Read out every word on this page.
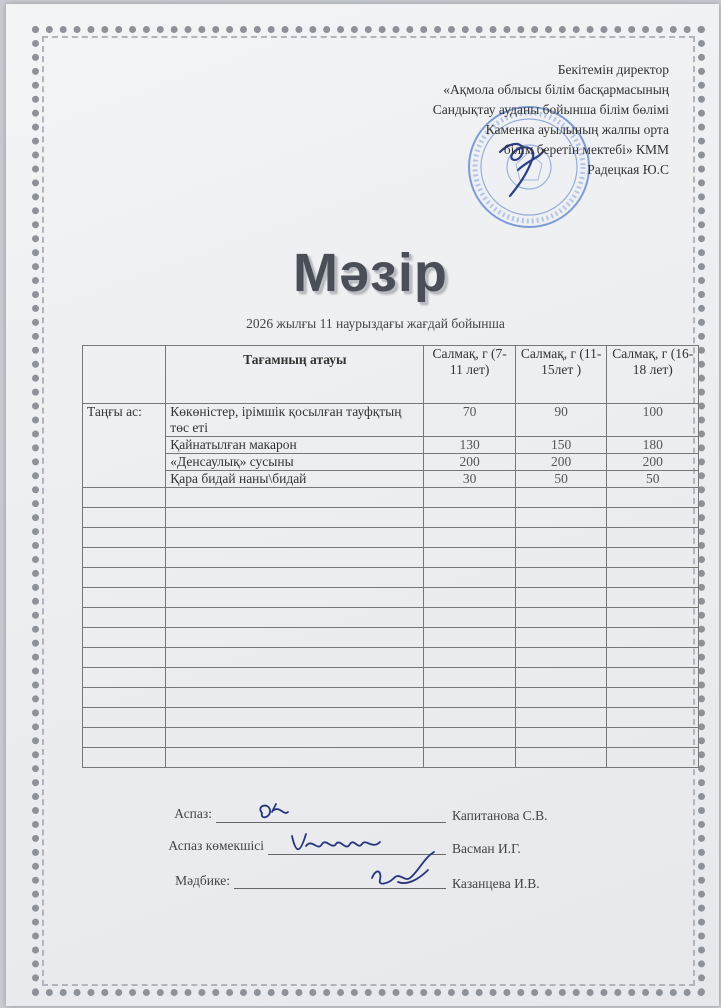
Бекітемін директор
«Ақмола облысы білім басқармасының
Сандықтау ауданы бойынша білім бөлімі
Каменка ауылының жалпы орта
білім беретін мектебі» КММ
Радецкая Ю.С
Мәзір
2026 жылғы 11 наурыздағы жағдай бойынша
	Тағамның атауы	Салмақ, г (7-11 лет)	Салмақ, г (11-15лет )	Салмақ, г (16-18 лет)
Таңғы ас:	Көкөністер, ірімшік қосылған тауфқтың төс еті	70	90	100
	Қайнатылған макарон	130	150	180
	«Денсаулық» сусыны	200	200	200
	Қара бидай наны\бидай	30	50	50

Аспаз:	Капитанова С.В.
Аспаз көмекшісі	Васман И.Г.
Мәдбике:	Казанцева И.В.
